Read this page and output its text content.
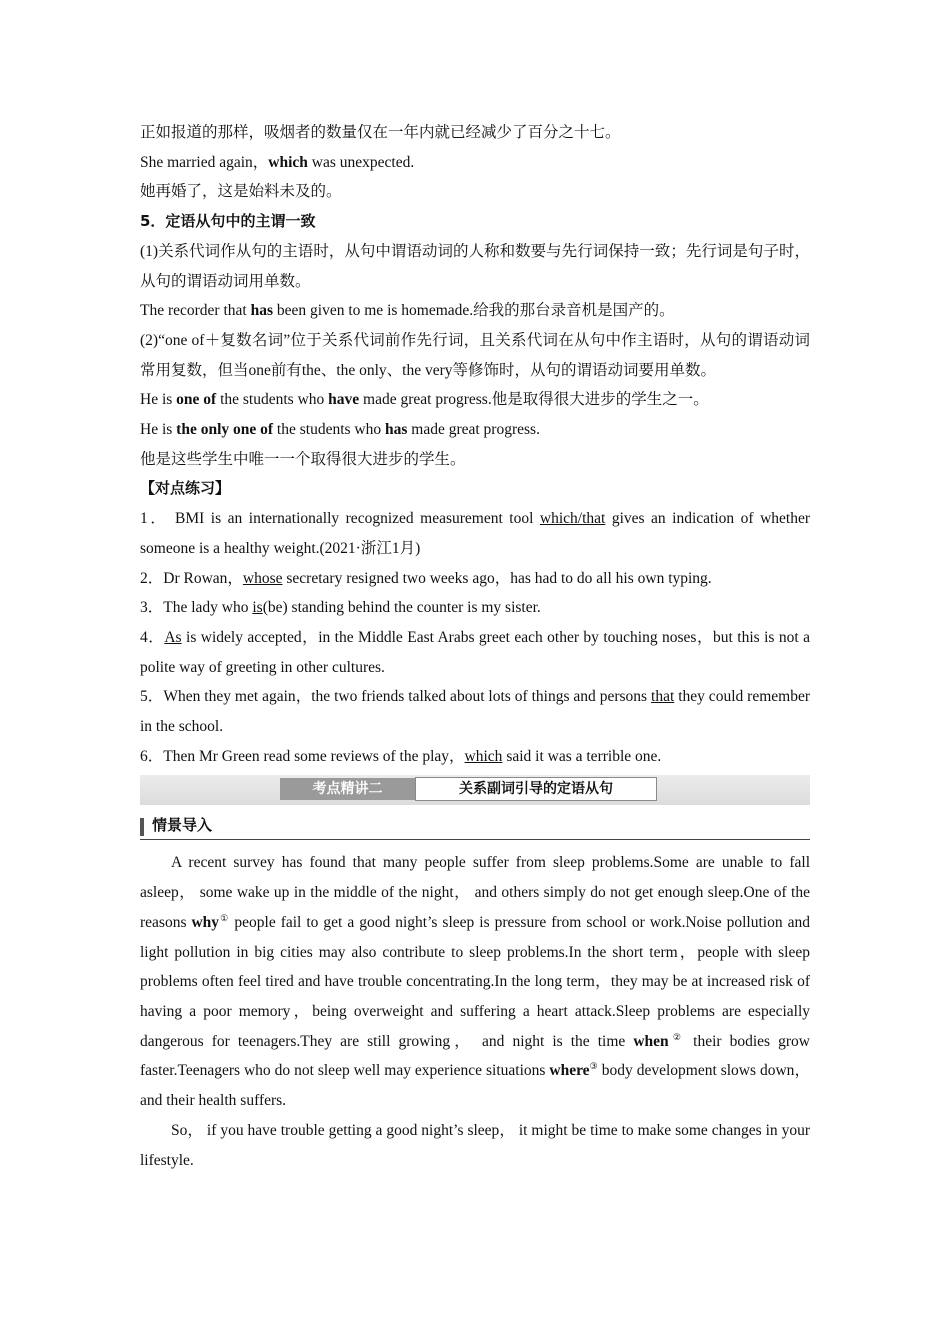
正如报道的那样，吸烟者的数量仅在一年内就已经减少了百分之十七。

She married again，which was unexpected.

她再婚了，这是始料未及的。

5．定语从句中的主谓一致

(1)关系代词作从句的主语时，从句中谓语动词的人称和数要与先行词保持一致；先行词是句子时，从句的谓语动词用单数。

The recorder that has been given to me is homemade.给我的那台录音机是国产的。

(2)“one of＋复数名词”位于关系代词前作先行词，且关系代词在从句中作主语时，从句的谓语动词常用复数，但当one前有the、the only、the very等修饰时，从句的谓语动词要用单数。

He is one of the students who have made great progress.他是取得很大进步的学生之一。

He is the only one of the students who has made great progress.

他是这些学生中唯一一个取得很大进步的学生。

【对点练习】

1． BMI is an internationally recognized measurement tool which/that gives an indication of whether someone is a healthy weight.(2021·浙江1月)

2．Dr Rowan，whose secretary resigned two weeks ago，has had to do all his own typing.

3．The lady who is(be) standing behind the counter is my sister.

4．As is widely accepted，in the Middle East Arabs greet each other by touching noses，but this is not a polite way of greeting in other cultures.

5．When they met again，the two friends talked about lots of things and persons that they could remember in the school.

6．Then Mr Green read some reviews of the play，which said it was a terrible one.

考点精讲二	关系副词引导的定语从句
情景导入

A recent survey has found that many people suffer from sleep problems.Some are unable to fall asleep， some wake up in the middle of the night， and others simply do not get enough sleep.One of the reasons why① people fail to get a good night’s sleep is pressure from school or work.Noise pollution and light pollution in big cities may also contribute to sleep problems.In the short term，people with sleep problems often feel tired and have trouble concentrating.In the long term，they may be at increased risk of having a poor memory，being overweight and suffering a heart attack.Sleep problems are especially dangerous for teenagers.They are still growing， and night is the time when② their bodies grow faster.Teenagers who do not sleep well may experience situations where③ body development slows down，and their health suffers.

So， if you have trouble getting a good night’s sleep， it might be time to make some changes in your lifestyle.
